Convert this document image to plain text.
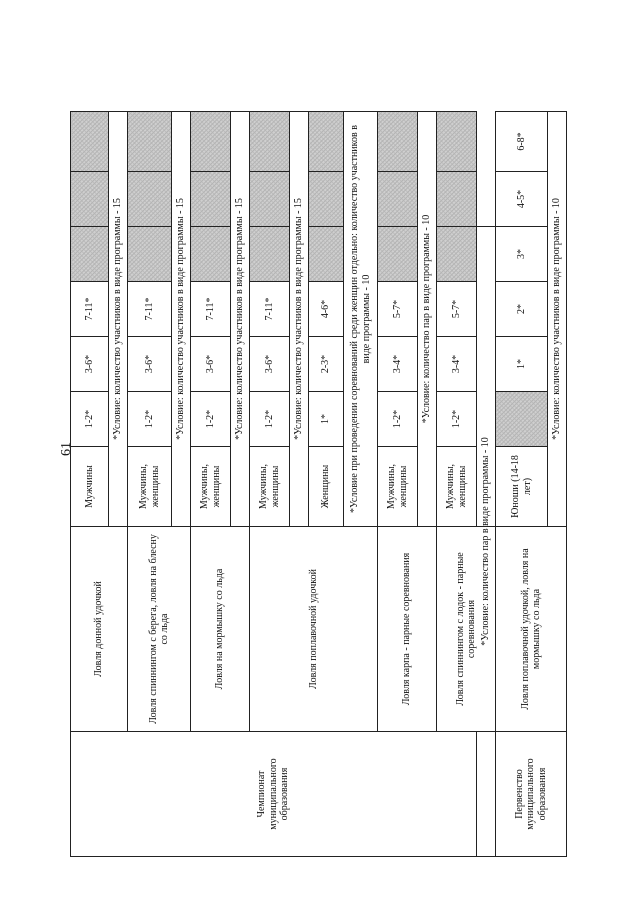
61
Чемпионат муниципального образования	Ловля донной удочкой	Мужчины	1-2*	3-6*	7-11*			
		*Условие: количество участников в виде программы - 15						
	Ловля спиннингом с берега, ловля на блесну со льда	Мужчины, женщины	1-2*	3-6*	7-11*			
		*Условие: количество участников в виде программы - 15						
	Ловля на мормышку со льда	Мужчины, женщины	1-2*	3-6*	7-11*			
		*Условие: количество участников в виде программы - 15						
	Ловля поплавочной удочкой	Мужчины, женщины	1-2*	3-6*	7-11*			
		*Условие: количество участников в виде программы - 15						
		Женщины	1*	2-3*	4-6*			
		*Условие при проведении соревнований среди женщин отдельно: количество участников в виде программы - 10						
	Ловля карпа - парные соревнования	Мужчины, женщины	1-2*	3-4*	5-7*			
		*Условие: количество пар в виде программы - 10						
	Ловля спиннингом с лодок - парные соревнования	Мужчины, женщины	1-2*	3-4*	5-7*			
*Условие: количество пар в виде программы - 10								
Первенство муниципального образования	Ловля поплавочной удочкой, ловля на мормышку со льда	Юноши (14-18 лет)		1*	2*	3*	4-5*	6-8*
		*Условие: количество участников в виде программы - 10						
